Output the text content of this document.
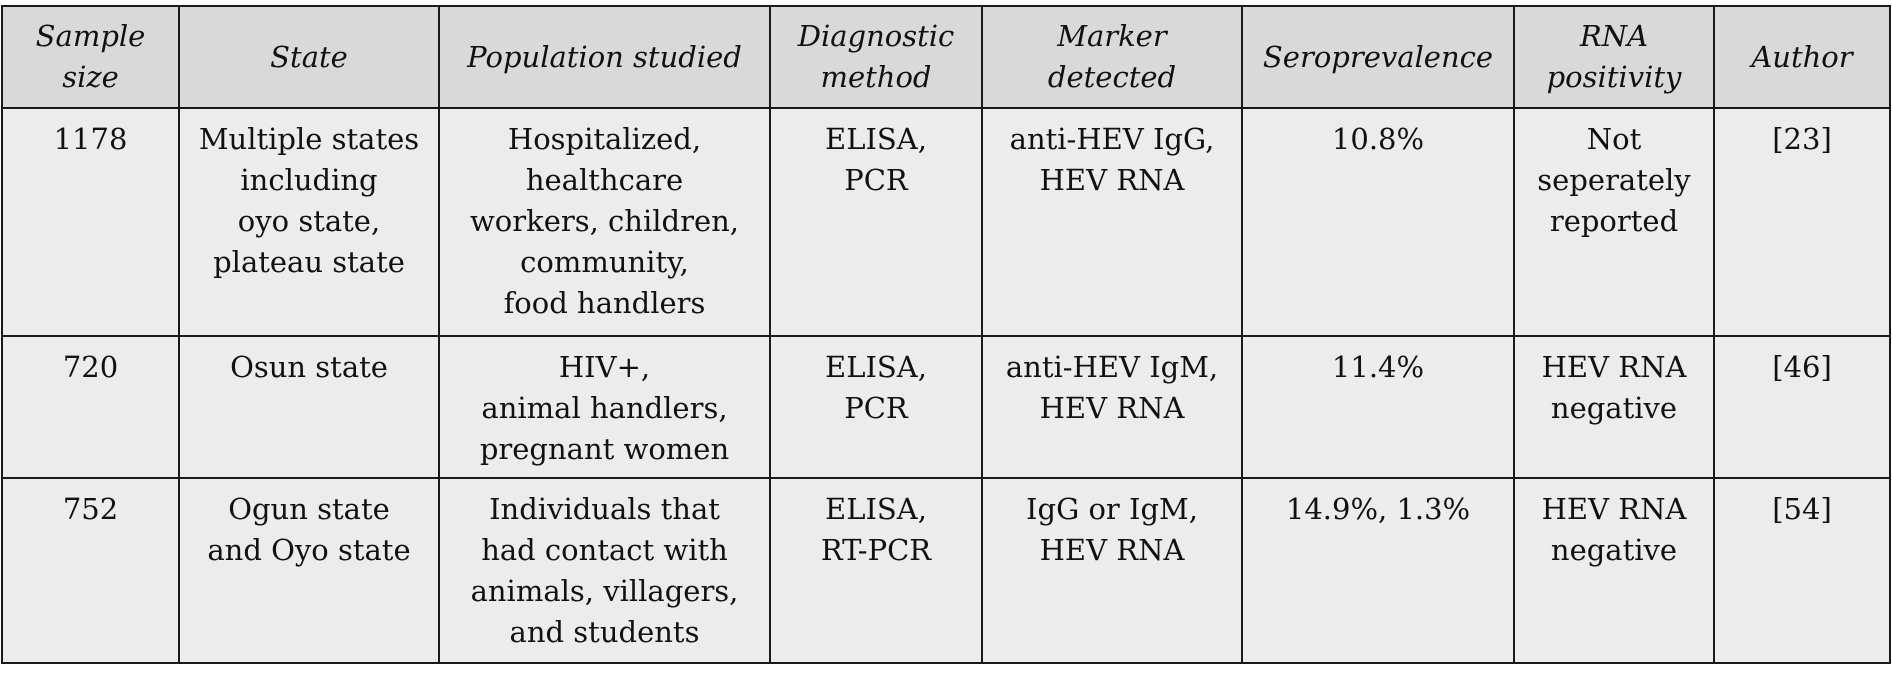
Sample
size	State	Population studied	Diagnostic
method	Marker
detected	Seroprevalence	RNA
positivity	Author

1178	Multiple states
including
oyo state,
plateau state	Hospitalized,
healthcare
workers, children,
community,
food handlers	ELISA,
PCR	anti-HEV IgG,
HEV RNA	10.8%	Not
seperately
reported	[23]

720	Osun state	HIV+,
animal handlers,
pregnant women	ELISA,
PCR	anti-HEV IgM,
HEV RNA	11.4%	HEV RNA
negative	[46]

752	Ogun state
and Oyo state	Individuals that
had contact with
animals, villagers,
and students	ELISA,
RT-PCR	IgG or IgM,
HEV RNA	14.9%, 1.3%	HEV RNA
negative	[54]
